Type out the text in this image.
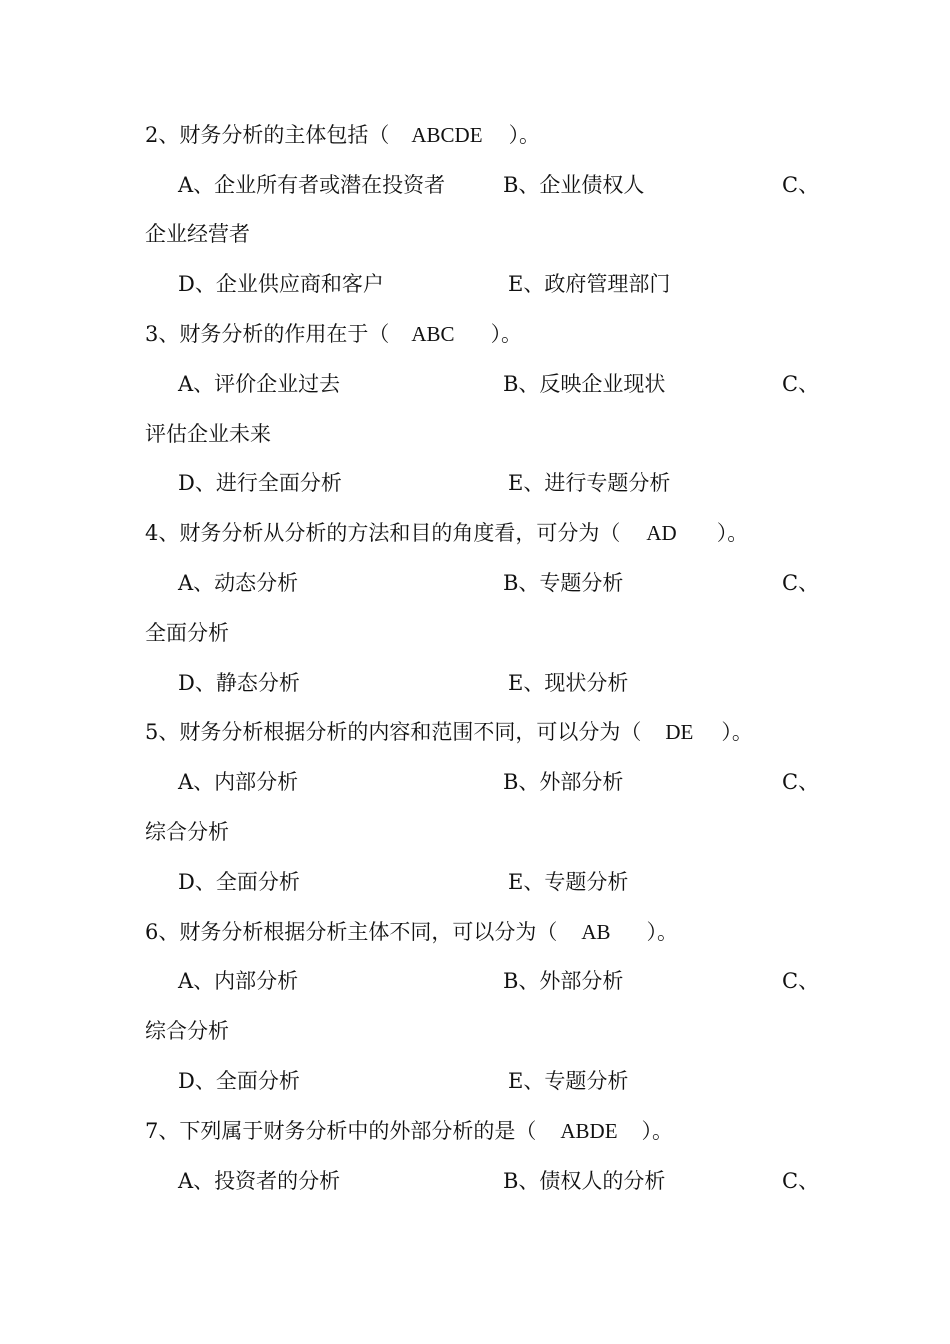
2、财务分析的主体包括（ ABCDE ）。
A、企业所有者或潜在投资者	B、企业债权人	C、
企业经营者
D、企业供应商和客户	E、政府管理部门
3、财务分析的作用在于（ ABC ）。
A、评价企业过去	B、反映企业现状	C、
评估企业未来
D、进行全面分析	E、进行专题分析
4、财务分析从分析的方法和目的角度看，可分为（ AD ）。
A、动态分析	B、专题分析	C、
全面分析
D、静态分析	E、现状分析
5、财务分析根据分析的内容和范围不同，可以分为（ DE ）。
A、内部分析	B、外部分析	C、
综合分析
D、全面分析	E、专题分析
6、财务分析根据分析主体不同，可以分为（ AB ）。
A、内部分析	B、外部分析	C、
综合分析
D、全面分析	E、专题分析
7、下列属于财务分析中的外部分析的是（ ABDE ）。
A、投资者的分析	B、债权人的分析	C、
